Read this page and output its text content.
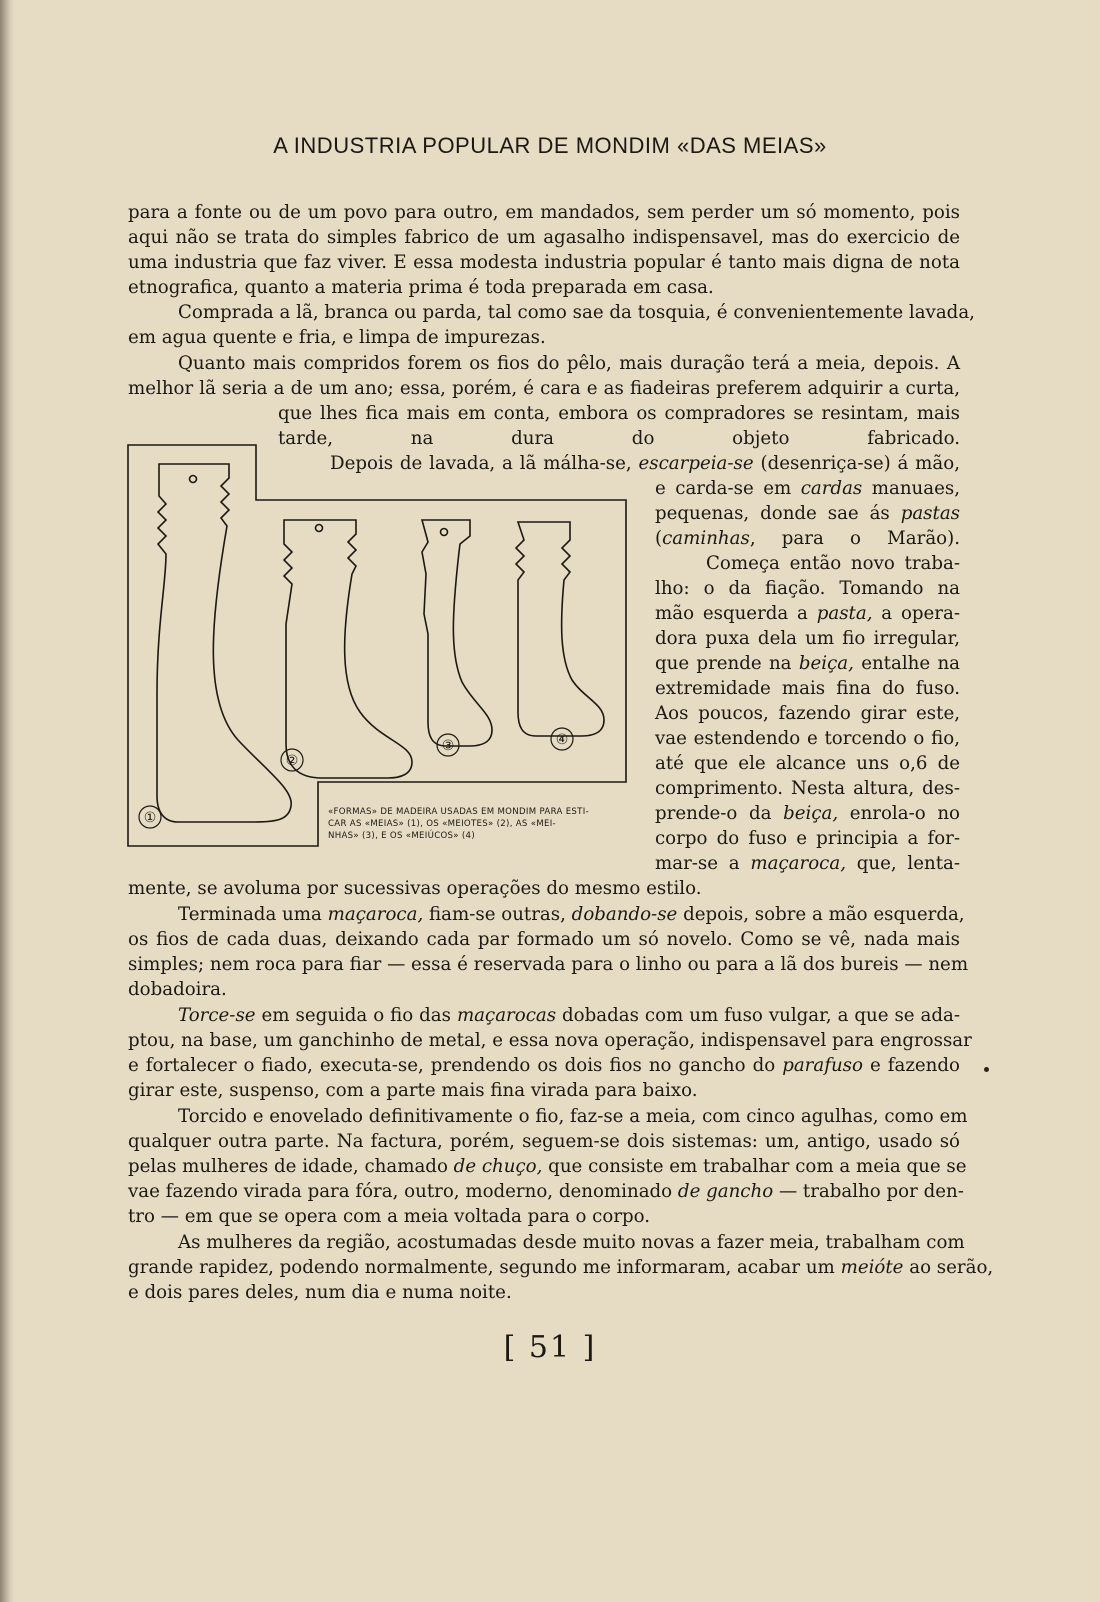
A INDUSTRIA POPULAR DE MONDIM «DAS MEIAS»
para a fonte ou de um povo para outro, em mandados, sem perder um só momento, pois
aqui não se trata do simples fabrico de um agasalho indispensavel, mas do exercicio de
uma industria que faz viver. E essa modesta industria popular é tanto mais digna de nota
etnografica, quanto a materia prima é toda preparada em casa.
Comprada a lã, branca ou parda, tal como sae da tosquia, é convenientemente lavada,
em agua quente e fria, e limpa de impurezas.
Quanto mais compridos forem os fios do pêlo, mais duração terá a meia, depois. A
melhor lã seria a de um ano; essa, porém, é cara e as fiadeiras preferem adquirir a curta,
que lhes fica mais em conta, embora os compradores se resintam, mais
tarde, na dura do objeto fabricado.
Depois de lavada, a lã málha-se, escarpeia-se (desenriça-se) á mão,
e carda-se em cardas manuaes,
pequenas, donde sae ás pastas
(caminhas, para o Marão).
Começa então novo traba-
lho: o da fiação. Tomando na
mão esquerda a pasta, a opera-
dora puxa dela um fio irregular,
que prende na beiça, entalhe na
extremidade mais fina do fuso.
Aos poucos, fazendo girar este,
vae estendendo e torcendo o fio,
até que ele alcance uns o,6 de
comprimento. Nesta altura, des-
prende-o da beiça, enrola-o no
corpo do fuso e principia a for-
mar-se a maçaroca, que, lenta-
mente, se avoluma por sucessivas operações do mesmo estilo.
Terminada uma maçaroca, fiam-se outras, dobando-se depois, sobre a mão esquerda,
os fios de cada duas, deixando cada par formado um só novelo. Como se vê, nada mais
simples; nem roca para fiar — essa é reservada para o linho ou para a lã dos bureis — nem
dobadoira.
Torce-se em seguida o fio das maçarocas dobadas com um fuso vulgar, a que se ada-
ptou, na base, um ganchinho de metal, e essa nova operação, indispensavel para engrossar
e fortalecer o fiado, executa-se, prendendo os dois fios no gancho do parafuso e fazendo
girar este, suspenso, com a parte mais fina virada para baixo.
Torcido e enovelado definitivamente o fio, faz-se a meia, com cinco agulhas, como em
qualquer outra parte. Na factura, porém, seguem-se dois sistemas: um, antigo, usado só
pelas mulheres de idade, chamado de chuço, que consiste em trabalhar com a meia que se
vae fazendo virada para fóra, outro, moderno, denominado de gancho — trabalho por den-
tro — em que se opera com a meia voltada para o corpo.
As mulheres da região, acostumadas desde muito novas a fazer meia, trabalham com
grande rapidez, podendo normalmente, segundo me informaram, acabar um meióte ao serão,
e dois pares deles, num dia e numa noite.
①
②
③	④
«FORMAS» DE MADEIRA USADAS EM MONDIM PARA ESTI-
CAR AS «MEIAS» (1), OS «MEIOTES» (2), AS «MEI-
NHAS» (3), E OS «MEIÚCOS» (4)
[ 51 ]
